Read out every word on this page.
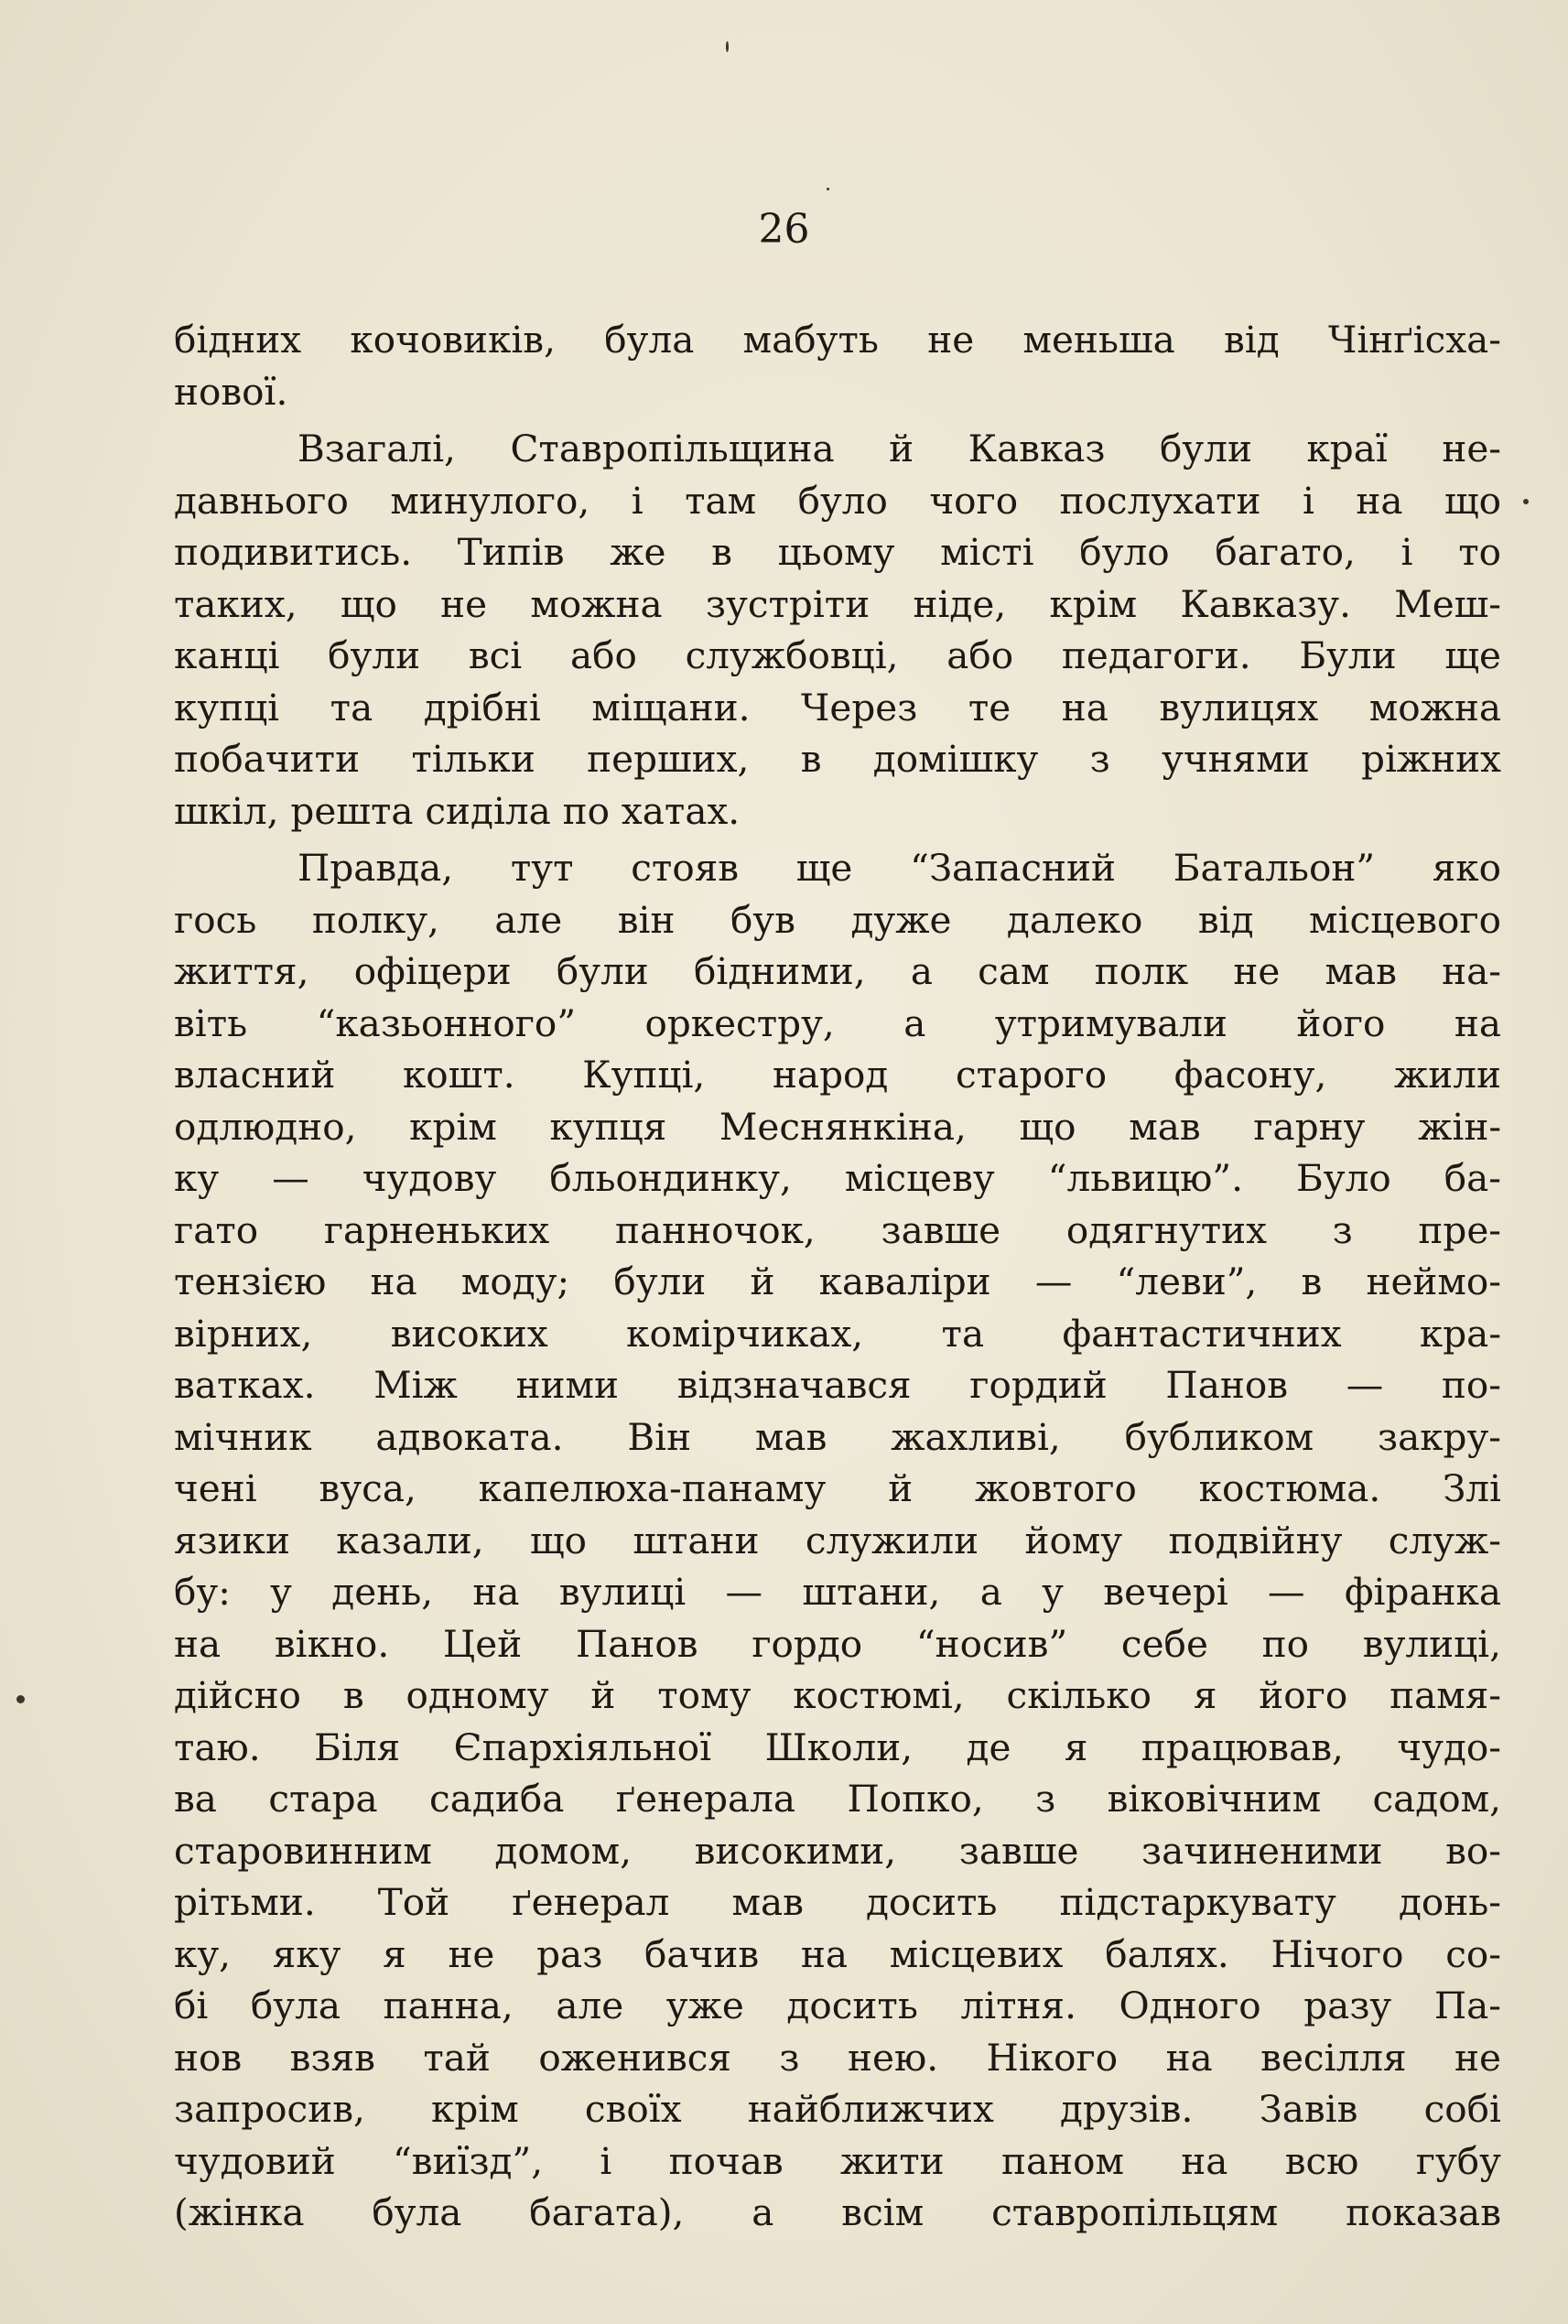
26
бідних кочовиків, була мабуть не меньша від Чінґісха-
нової.
Взагалі, Ставропільщина й Кавказ були краї не-
давнього минулого, і там було чого послухати і на що
подивитись. Типів же в цьому місті було багато, і то
таких, що не можна зустріти ніде, крім Кавказу. Меш-
канці були всі або службовці, або педагоги. Були ще
купці та дрібні міщани. Через те на вулицях можна
побачити тільки перших, в домішку з учнями ріжних
шкіл, решта сиділа по хатах.
Правда, тут стояв ще “Запасний Батальон” яко
гось полку, але він був дуже далеко від місцевого
життя, офіцери були бідними, а сам полк не мав на-
віть “казьонного” оркестру, а утримували його на
власний кошт. Купці, народ старого фасону, жили
одлюдно, крім купця Меснянкіна, що мав гарну жін-
ку — чудову бльондинку, місцеву “львицю”. Було ба-
гато гарненьких панночок, завше одягнутих з пре-
тензією на моду; були й кавалiри — “леви”, в неймо-
вірних, високих комірчиках, та фантастичних кра-
ватках. Між ними відзначався гордий Панов — по-
мічник адвоката. Він мав жахливі, бубликом закру-
чені вуса, капелюха-панаму й жовтого костюма. Злі
язики казали, що штани служили йому подвійну служ-
бу: у день, на вулиці — штани, а у вечері — фіранка
на вікно. Цей Панов гордо “носив” себе по вулиці,
дійсно в одному й тому костюмі, скілько я його памя-
таю. Біля Єпархіяльної Школи, де я працював, чудо-
ва стара садиба ґенерала Попко, з віковічним садом,
старовинним домом, високими, завше зачиненими во-
рітьми. Той ґенерал мав досить підстаркувату донь-
ку, яку я не раз бачив на місцевих балях. Нічого со-
бі була панна, але уже досить літня. Одного разу Па-
нов взяв тай оженився з нею. Нікого на весілля не
запросив, крім своїх найближчих друзів. Завів собі
чудовий “виїзд”, і почав жити паном на всю губу
(жінка була багата), а всім ставропільцям показав
